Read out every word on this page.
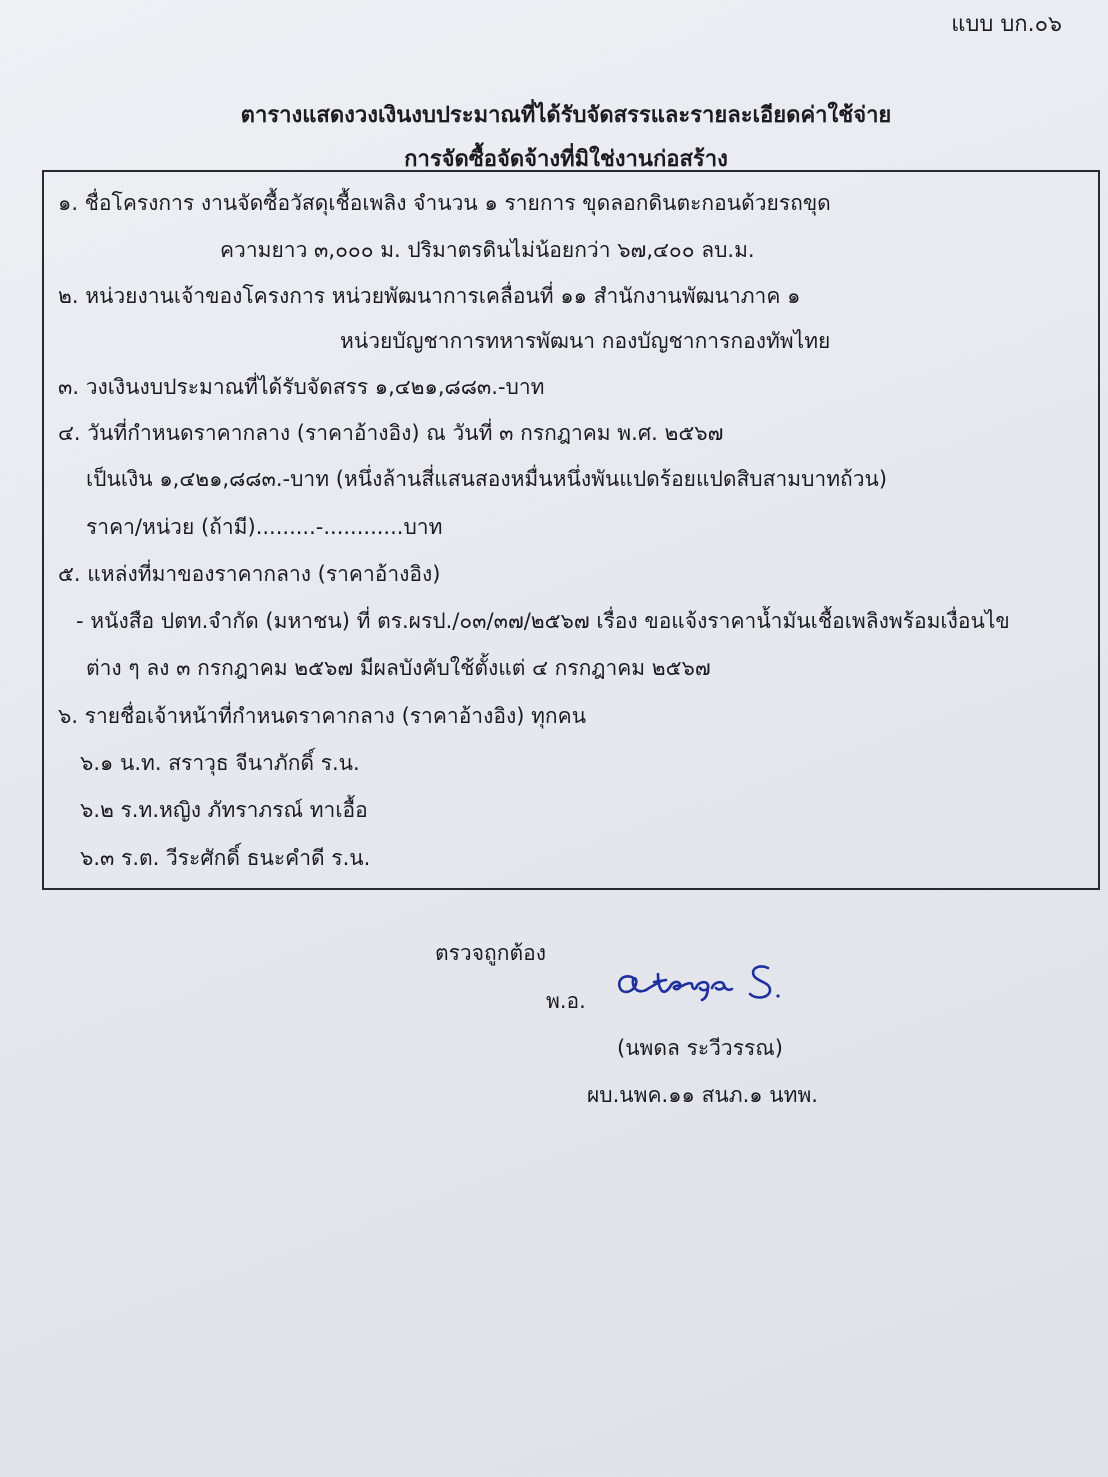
แบบ บก.๐๖
ตารางแสดงวงเงินงบประมาณที่ได้รับจัดสรรและรายละเอียดค่าใช้จ่าย
การจัดซื้อจัดจ้างที่มิใช่งานก่อสร้าง
๑. ชื่อโครงการ งานจัดซื้อวัสดุเชื้อเพลิง จำนวน ๑ รายการ ขุดลอกดินตะกอนด้วยรถขุด
ความยาว ๓,๐๐๐ ม. ปริมาตรดินไม่น้อยกว่า ๖๗,๔๐๐ ลบ.ม.
๒. หน่วยงานเจ้าของโครงการ หน่วยพัฒนาการเคลื่อนที่ ๑๑ สำนักงานพัฒนาภาค ๑
หน่วยบัญชาการทหารพัฒนา กองบัญชาการกองทัพไทย
๓. วงเงินงบประมาณที่ได้รับจัดสรร ๑,๔๒๑,๘๘๓.-บาท
๔. วันที่กำหนดราคากลาง (ราคาอ้างอิง) ณ วันที่ ๓ กรกฎาคม พ.ศ. ๒๕๖๗
เป็นเงิน ๑,๔๒๑,๘๘๓.-บาท (หนึ่งล้านสี่แสนสองหมื่นหนึ่งพันแปดร้อยแปดสิบสามบาทถ้วน)
ราคา/หน่วย (ถ้ามี).........-............บาท
๕. แหล่งที่มาของราคากลาง (ราคาอ้างอิง)
- หนังสือ ปตท.จำกัด (มหาชน) ที่ ตร.ผรป./๐๓/๓๗/๒๕๖๗ เรื่อง ขอแจ้งราคาน้ำมันเชื้อเพลิงพร้อมเงื่อนไข
ต่าง ๆ ลง ๓ กรกฎาคม ๒๕๖๗ มีผลบังคับใช้ตั้งแต่ ๔ กรกฎาคม ๒๕๖๗
๖. รายชื่อเจ้าหน้าที่กำหนดราคากลาง (ราคาอ้างอิง) ทุกคน
๖.๑ น.ท. สราวุธ จีนาภักดิ์ ร.น.
๖.๒ ร.ท.หญิง ภัทราภรณ์ ทาเอื้อ
๖.๓ ร.ต. วีระศักดิ์ ธนะคำดี ร.น.
ตรวจถูกต้อง
พ.อ.
(นพดล ระวีวรรณ)
ผบ.นพค.๑๑ สนภ.๑ นทพ.
